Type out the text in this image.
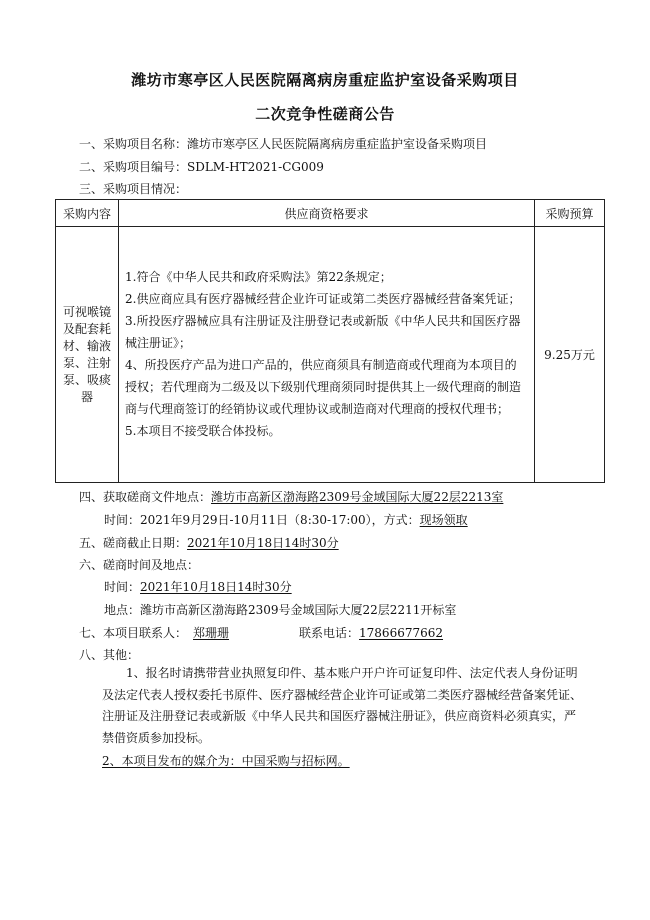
潍坊市寒亭区人民医院隔离病房重症监护室设备采购项目
二次竞争性磋商公告
一、采购项目名称：潍坊市寒亭区人民医院隔离病房重症监护室设备采购项目
二、采购项目编号：SDLM-HT2021-CG009
三、采购项目情况：
采购内容	供应商资格要求	采购预算
可视喉镜及配套耗材、输液泵、注射泵、吸痰器	1.符合《中华人民共和政府采购法》第22条规定；

2.供应商应具有医疗器械经营企业许可证或第二类医疗器械经营备案凭证；

3.所投医疗器械应具有注册证及注册登记表或新版《中华人民共和国医疗器械注册证》；

4、所投医疗产品为进口产品的，供应商须具有制造商或代理商为本项目的授权；若代理商为二级及以下级别代理商须同时提供其上一级代理商的制造商与代理商签订的经销协议或代理协议或制造商对代理商的授权代理书；

5.本项目不接受联合体投标。	9.25万元
四、获取磋商文件地点：潍坊市高新区渤海路2309号金域国际大厦22层2213室
时间：2021年9月29日-10月11日（8:30-17:00），方式：现场领取
五、磋商截止日期：2021年10月18日14时30分
六、磋商时间及地点：
时间：2021年10月18日14时30分
地点：潍坊市高新区渤海路2309号金域国际大厦22层2211开标室
七、本项目联系人： 郑珊珊	联系电话：17866677662
八、其他：
1、报名时请携带营业执照复印件、基本账户开户许可证复印件、法定代表人身份证明及法定代表人授权委托书原件、医疗器械经营企业许可证或第二类医疗器械经营备案凭证、注册证及注册登记表或新版《中华人民共和国医疗器械注册证》，供应商资料必须真实，严禁借资质参加投标。
2、本项目发布的媒介为：中国采购与招标网。
